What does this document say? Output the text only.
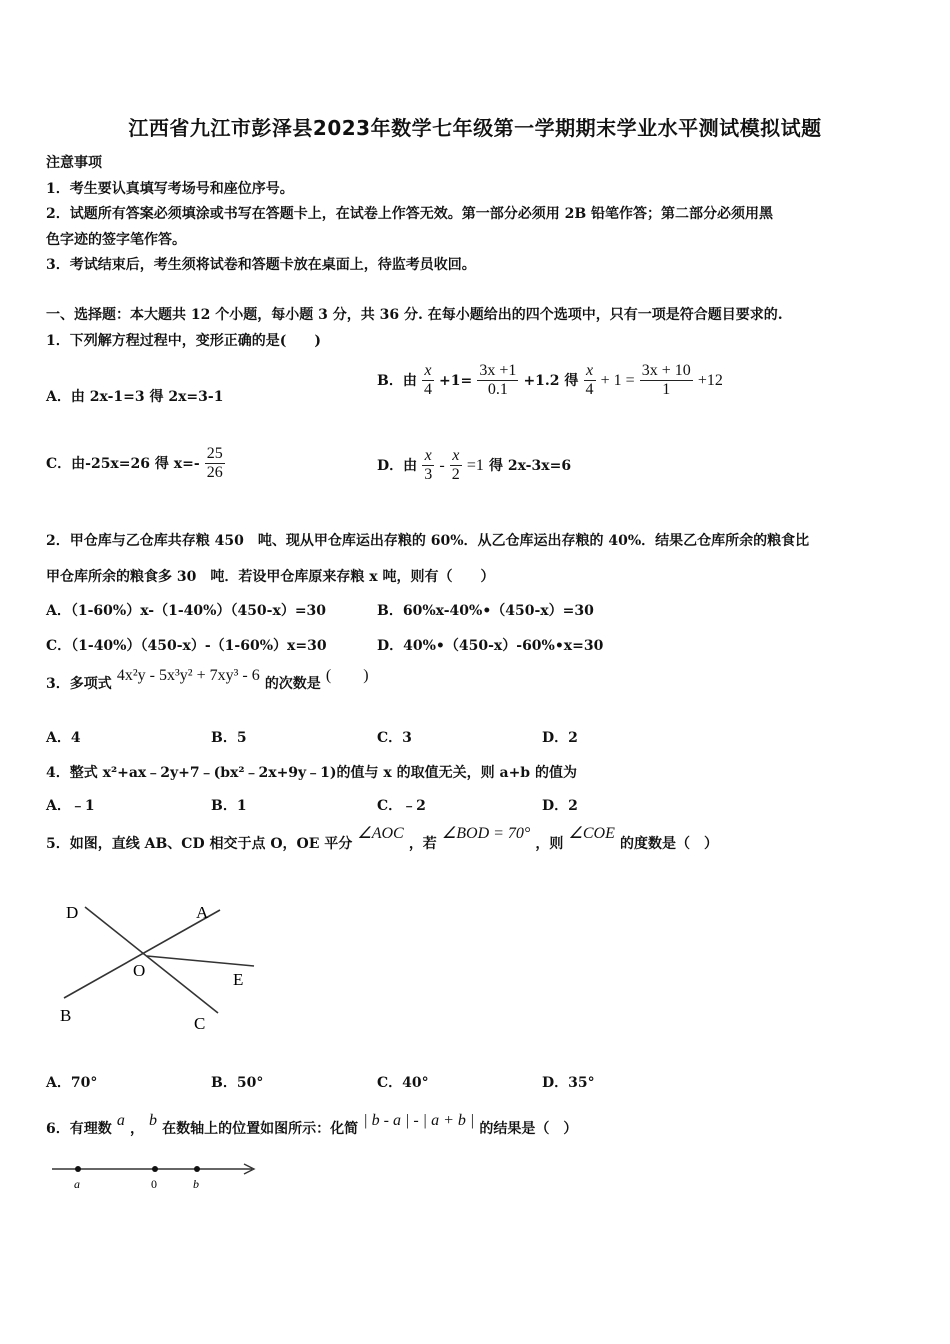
江西省九江市彭泽县2023年数学七年级第一学期期末学业水平测试模拟试题
注意事项
1．考生要认真填写考场号和座位序号。
2．试题所有答案必须填涂或书写在答题卡上，在试卷上作答无效。第一部分必须用 2B 铅笔作答；第二部分必须用黑
色字迹的签字笔作答。
3．考试结束后，考生须将试卷和答题卡放在桌面上，待监考员收回。
一、选择题：本大题共 12 个小题，每小题 3 分，共 36 分. 在每小题给出的四个选项中，只有一项是符合题目要求的.
1．下列解方程过程中，变形正确的是(　　)
A．由 2x-1=3 得 2x=3-1
B．由 $\frac{x}{4} +1= \frac{3x +1}{0.1} +1.2$ 得 $\frac{x}{4} + 1 = \frac{3x + 10}{1} +12$
C．由-25x=26 得 $x=- \frac{25}{26}$	D．由 $\frac{x}{3} - \frac{x}{2} =1$ 得 2x-3x=6
2．甲仓库与乙仓库共存粮 450　吨、现从甲仓库运出存粮的 60%．从乙仓库运出存粮的 40%．结果乙仓库所余的粮食比
甲仓库所余的粮食多 30　吨．若设甲仓库原来存粮 x 吨，则有（　　）
A．（1-60%）x-（1-40%）（450-x）=30	B．60%x-40%•（450-x）=30
C．（1-40%）（450-x）-（1-60%）x=30	D．40%•（450-x）-60%•x=30
3．多项式 4x²y - 5x³y² + 7xy³ - 6 的次数是 (　　)
A．4	B．5	C．3	D．2
4．整式 x²+ax﹣2y+7﹣(bx²﹣2x+9y﹣1)的值与 x 的取值无关，则 a+b 的值为
A．﹣1	B．1	C．﹣2	D．2
5．如图，直线 AB、CD 相交于点 O，OE 平分 ∠AOC ，若 ∠BOD = 70° ，则 ∠COE 的度数是（　）
D	A
O	E
B	C
A．70°	B．50°	C．40°	D．35°
6．有理数 a ， b 在数轴上的位置如图所示：化简 | b - a | - | a + b | 的结果是（　）
a	0	b
